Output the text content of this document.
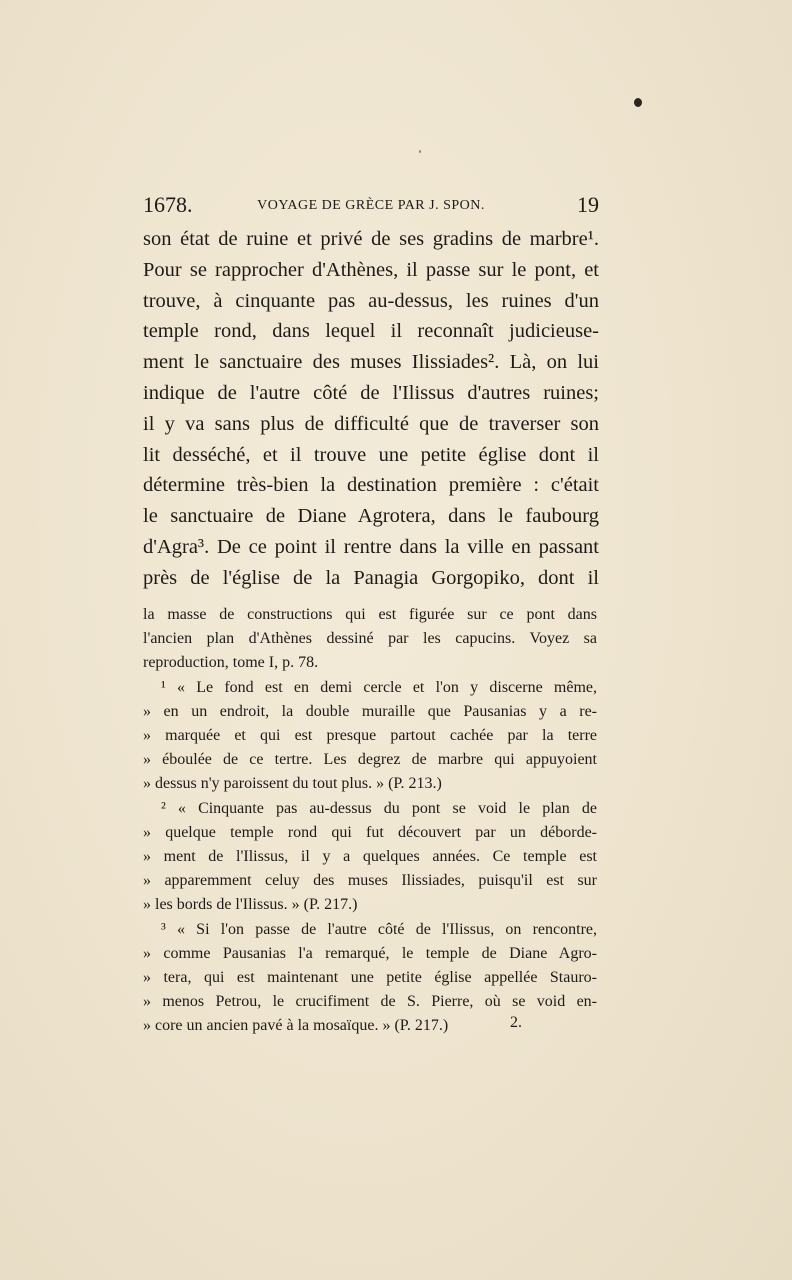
1678.	VOYAGE DE GRÈCE PAR J. SPON.	19
son état de ruine et privé de ses gradins de marbre¹.
Pour se rapprocher d'Athènes, il passe sur le pont, et
trouve, à cinquante pas au-dessus, les ruines d'un
temple rond, dans lequel il reconnaît judicieuse-
ment le sanctuaire des muses Ilissiades². Là, on lui
indique de l'autre côté de l'Ilissus d'autres ruines;
il y va sans plus de difficulté que de traverser son
lit desséché, et il trouve une petite église dont il
détermine très-bien la destination première : c'était
le sanctuaire de Diane Agrotera, dans le faubourg
d'Agra³. De ce point il rentre dans la ville en passant
près de l'église de la Panagia Gorgopiko, dont il
la masse de constructions qui est figurée sur ce pont dans
l'ancien plan d'Athènes dessiné par les capucins. Voyez sa
reproduction, tome I, p. 78.
¹ « Le fond est en demi cercle et l'on y discerne même,
» en un endroit, la double muraille que Pausanias y a re-
» marquée et qui est presque partout cachée par la terre
» éboulée de ce tertre. Les degrez de marbre qui appuyoient
» dessus n'y paroissent du tout plus. » (P. 213.)
² « Cinquante pas au-dessus du pont se void le plan de
» quelque temple rond qui fut découvert par un déborde-
» ment de l'Ilissus, il y a quelques années. Ce temple est
» apparemment celuy des muses Ilissiades, puisqu'il est sur
» les bords de l'Ilissus. » (P. 217.)
³ « Si l'on passe de l'autre côté de l'Ilissus, on rencontre,
» comme Pausanias l'a remarqué, le temple de Diane Agro-
» tera, qui est maintenant une petite église appellée Stauro-
» menos Petrou, le crucifiment de S. Pierre, où se void en-
» core un ancien pavé à la mosaïque. » (P. 217.)	2.
